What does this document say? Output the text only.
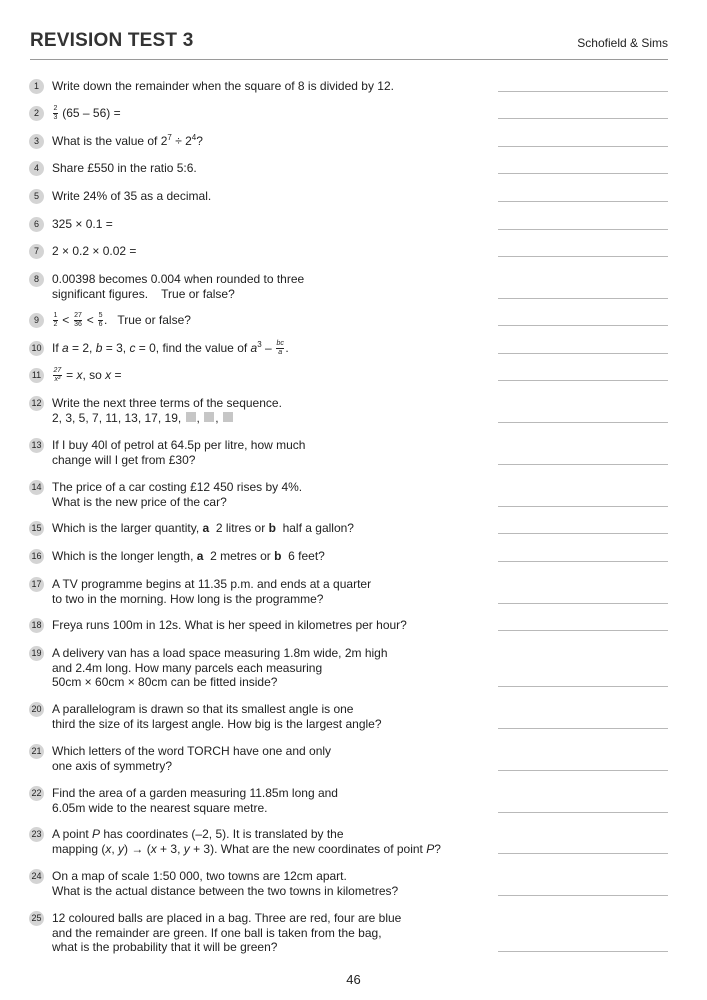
REVISION TEST 3	Schofield & Sims
1	Write down the remainder when the square of 8 is divided by 12.
2	$\frac{2}{3} (65 - 56)$ =
3	What is the value of $2^7 \div 2^4$?
4	Share £550 in the ratio 5:6.
5	Write 24% of 35 as a decimal.
6	325 × 0.1 =
7	2 × 0.2 × 0.02 =
8	0.00398 becomes 0.004 when rounded to three
significant figures.    True or false?
9	$\frac{1}{2} < \frac{27}{36} < \frac{5}{6}$ .   True or false?
10 If a = 2, b = 3, c = 0, find the value of $a^3 - \frac{bc}{a}$ .
11	$\frac{27}{\text{x²}} = x$, so x =
12 Write the next three terms of the sequence.
2, 3, 5, 7, 11, 13, 17, 19, , ,
13 If I buy 40l of petrol at 64.5p per litre, how much
change will I get from £30?
14 The price of a car costing £12 450 rises by 4%.
What is the new price of the car?
15 Which is the larger quantity, a  2 litres or b  half a gallon?
16 Which is the longer length, a  2 metres or b  6 feet?
17 A TV programme begins at 11.35 p.m. and ends at a quarter
to two in the morning. How long is the programme?
18 Freya runs 100m in 12s. What is her speed in kilometres per hour?
19 A delivery van has a load space measuring 1.8m wide, 2m high
and 2.4m long. How many parcels each measuring
50cm × 60cm × 80cm can be fitted inside?
20 A parallelogram is drawn so that its smallest angle is one
third the size of its largest angle. How big is the largest angle?
21 Which letters of the word TORCH have one and only
one axis of symmetry?
22 Find the area of a garden measuring 11.85m long and
6.05m wide to the nearest square metre.
23 A point P has coordinates (–2, 5). It is translated by the
mapping (x, y) → (x + 3, y + 3). What are the new coordinates of point P?
24 On a map of scale 1:50 000, two towns are 12cm apart.
What is the actual distance between the two towns in kilometres?
25 12 coloured balls are placed in a bag. Three are red, four are blue
and the remainder are green. If one ball is taken from the bag,
what is the probability that it will be green?
46
